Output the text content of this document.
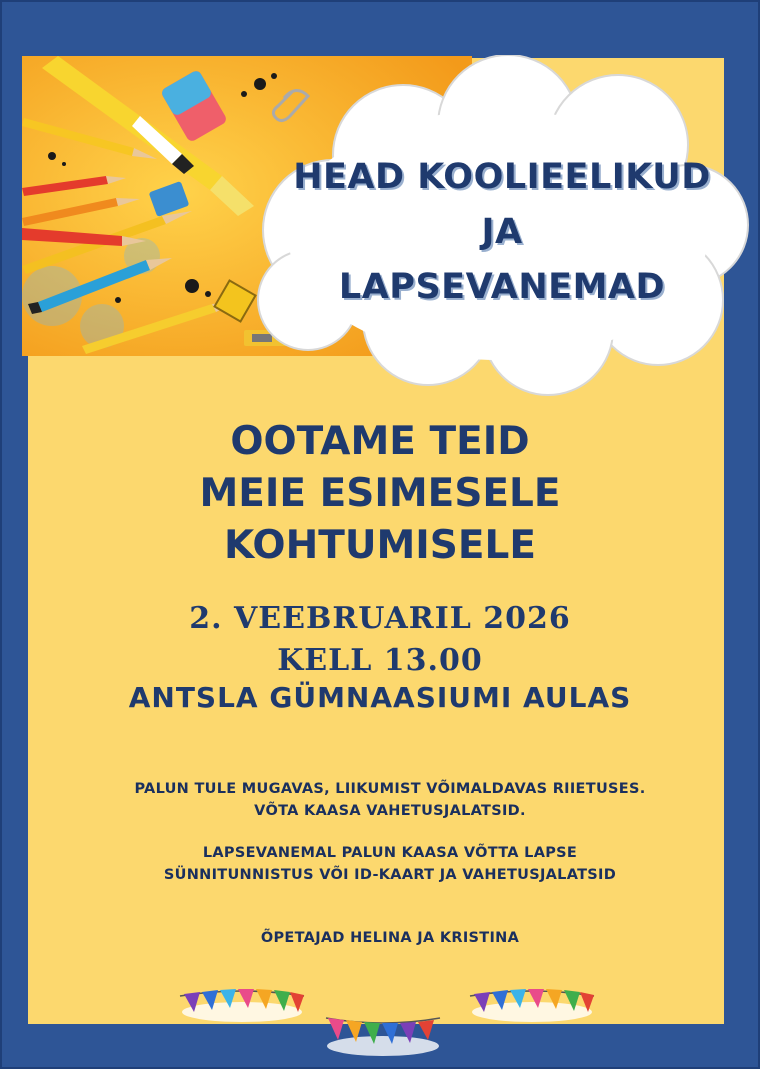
HEAD KOOLIEELIKUD
JA
LAPSEVANEMAD
OOTAME TEID
MEIE ESIMESELE
KOHTUMISELE
2. VEEBRUARIL 2026
KELL 13.00
ANTSLA GÜMNAASIUMI AULAS
PALUN TULE MUGAVAS, LIIKUMIST VÕIMALDAVAS RIIETUSES.
VÕTA KAASA VAHETUSJALATSID.
LAPSEVANEMAL PALUN KAASA VÕTTA LAPSE
SÜNNITUNNISTUS VÕI ID-KAART JA VAHETUSJALATSID
ÕPETAJAD HELINA JA KRISTINA
